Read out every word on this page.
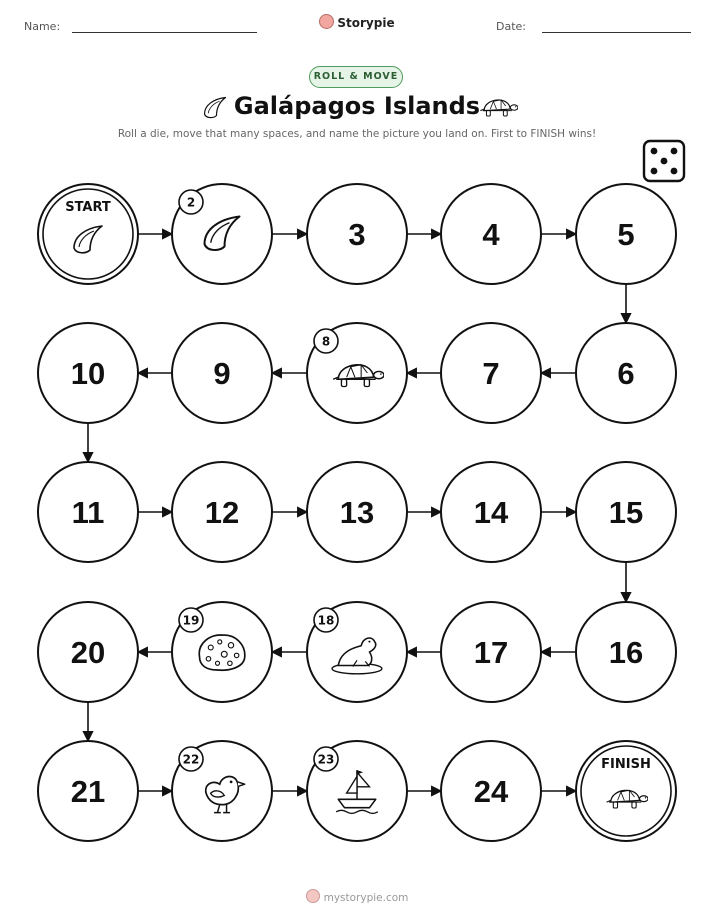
Name:	Storypie	Date:
ROLL & MOVE
Galápagos Islands
Roll a die, move that many spaces, and name the picture you land on. First to FINISH wins!
START	2
3	4	5
6
7
8
9
10
11	12	13	14	15
16
17
18
19
20
21
22	23
24
FINISH
mystorypie.com
